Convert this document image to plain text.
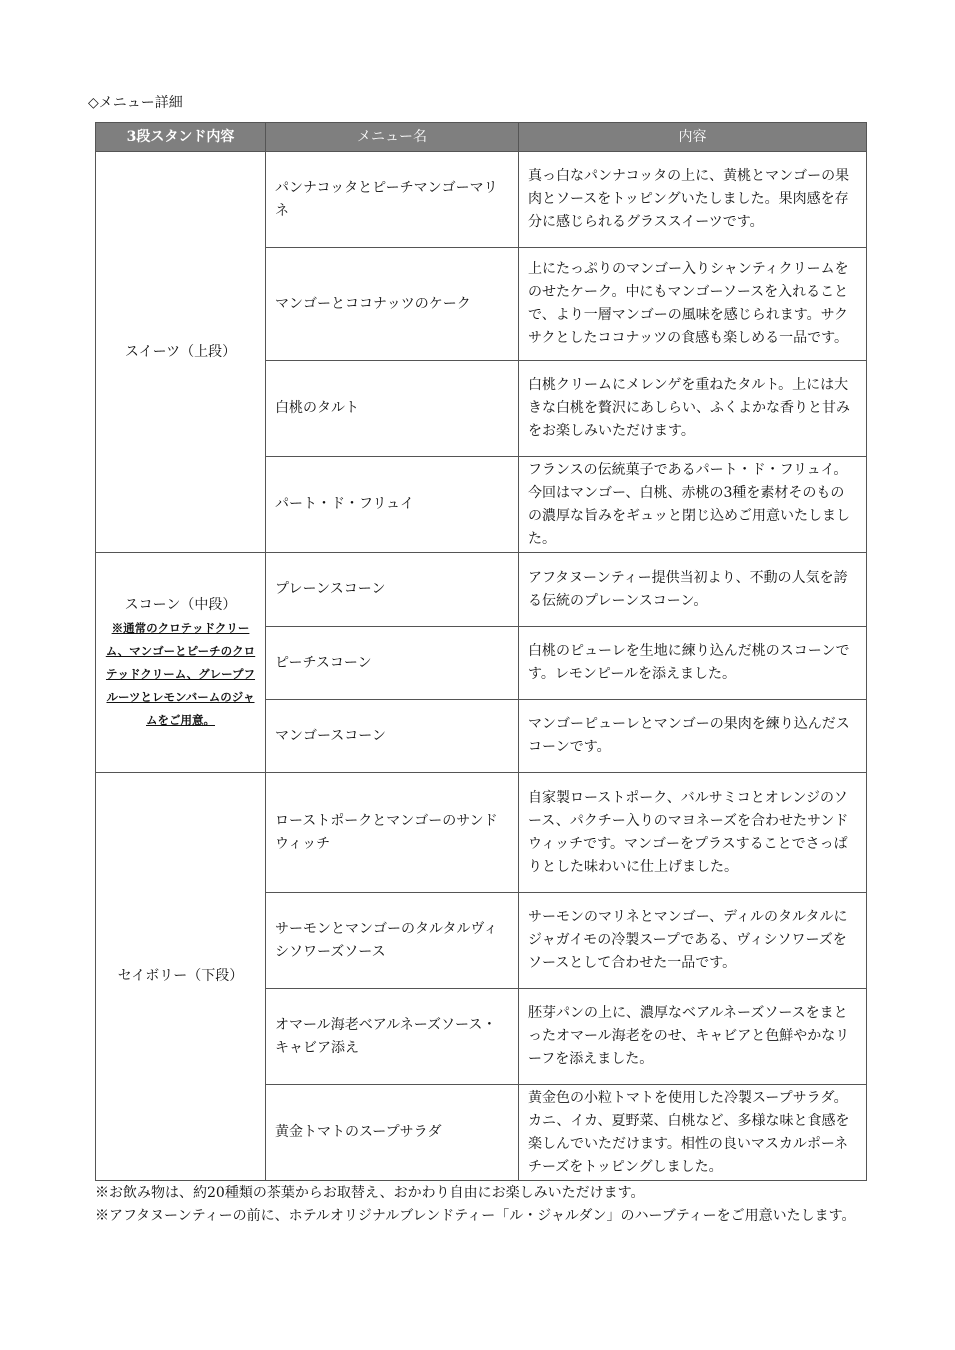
◇メニュー詳細
3段スタンド内容	メニュー名	内容

スイーツ（上段）	パンナコッタとピーチマンゴーマリネ	真っ白なパンナコッタの上に、黄桃とマンゴーの果肉とソースをトッピングいたしました。果肉感を存分に感じられるグラススイーツです。
	マンゴーとココナッツのケーク	上にたっぷりのマンゴー入りシャンティクリームをのせたケーク。中にもマンゴーソースを入れることで、より一層マンゴーの風味を感じられます。サクサクとしたココナッツの食感も楽しめる一品です。
	白桃のタルト	白桃クリームにメレンゲを重ねたタルト。上には大きな白桃を贅沢にあしらい、ふくよかな香りと甘みをお楽しみいただけます。
	パート・ド・フリュイ	フランスの伝統菓子であるパート・ド・フリュイ。今回はマンゴー、白桃、赤桃の3種を素材そのものの濃厚な旨みをギュッと閉じ込めご用意いたしました。

スコーン（中段）
※通常のクロテッドクリーム、マンゴーとピーチのクロテッドクリーム、グレープフルーツとレモンバームのジャムをご用意。	プレーンスコーン	アフタヌーンティー提供当初より、不動の人気を誇る伝統のプレーンスコーン。
	ピーチスコーン	白桃のピューレを生地に練り込んだ桃のスコーンです。レモンピールを添えました。
	マンゴースコーン	マンゴーピューレとマンゴーの果肉を練り込んだスコーンです。

セイボリー（下段）	ローストポークとマンゴーのサンドウィッチ	自家製ローストポーク、バルサミコとオレンジのソース、パクチー入りのマヨネーズを合わせたサンドウィッチです。マンゴーをプラスすることでさっぱりとした味わいに仕上げました。
	サーモンとマンゴーのタルタルヴィシソワーズソース	サーモンのマリネとマンゴー、ディルのタルタルにジャガイモの冷製スープである、ヴィシソワーズをソースとして合わせた一品です。
	オマール海老ベアルネーズソース・キャビア添え	胚芽パンの上に、濃厚なベアルネーズソースをまとったオマール海老をのせ、キャビアと色鮮やかなリーフを添えました。
	黄金トマトのスープサラダ	黄金色の小粒トマトを使用した冷製スープサラダ。カニ、イカ、夏野菜、白桃など、多様な味と食感を楽しんでいただけます。相性の良いマスカルポーネチーズをトッピングしました。
※お飲み物は、約20種類の茶葉からお取替え、おかわり自由にお楽しみいただけます。
※アフタヌーンティーの前に、ホテルオリジナルブレンドティー「ル・ジャルダン」のハーブティーをご用意いたします。
